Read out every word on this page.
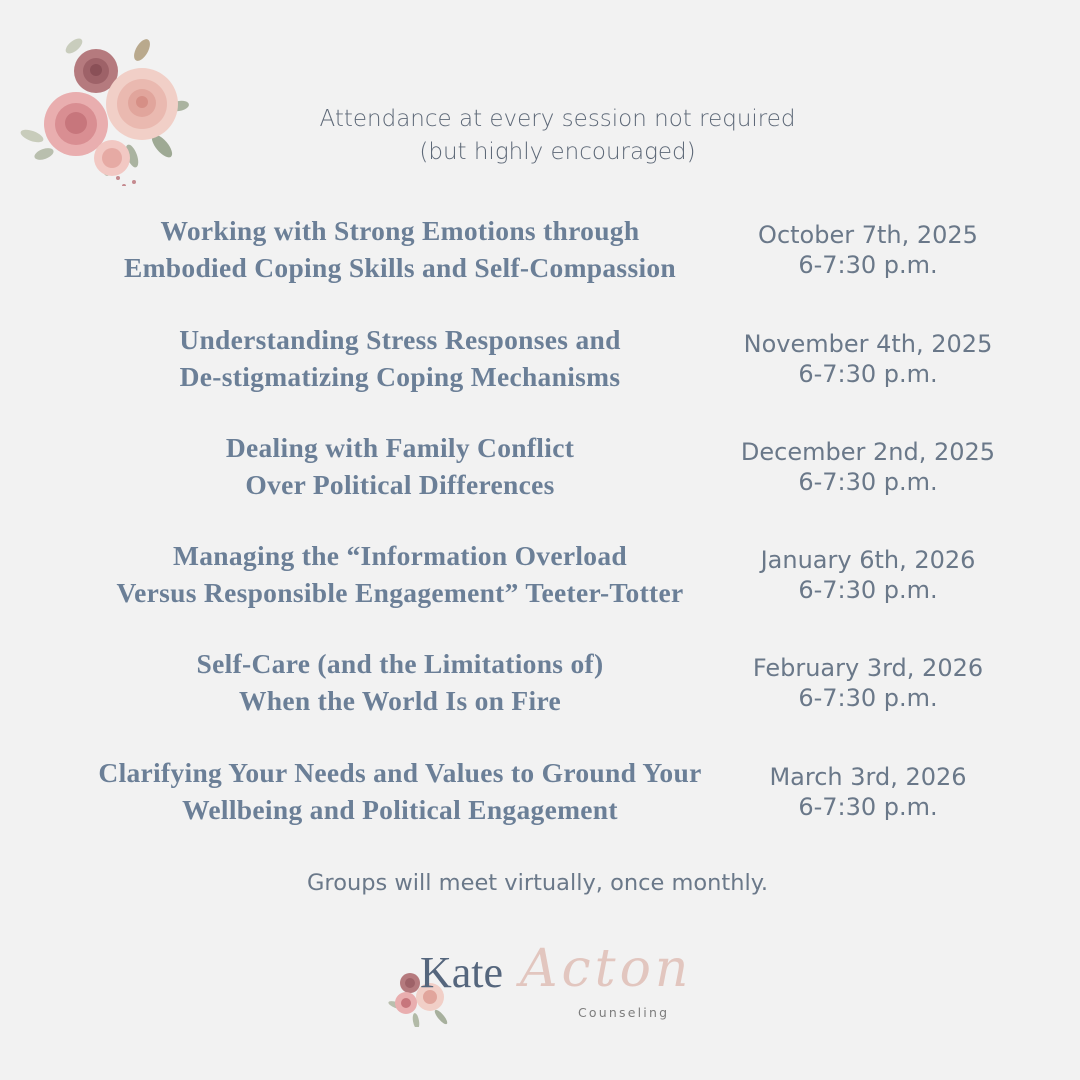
Attendance at every session not required
(but highly encouraged)
Working with Strong Emotions through
Embodied Coping Skills and Self-Compassion
October 7th, 2025
6-7:30 p.m.
Understanding Stress Responses and
De-stigmatizing Coping Mechanisms
November 4th, 2025
6-7:30 p.m.
Dealing with Family Conflict
Over Political Differences
December 2nd, 2025
6-7:30 p.m.
Managing the “Information Overload
Versus Responsible Engagement” Teeter-Totter
January 6th, 2026
6-7:30 p.m.
Self-Care (and the Limitations of)
When the World Is on Fire
February 3rd, 2026
6-7:30 p.m.
Clarifying Your Needs and Values to Ground Your
Wellbeing and Political Engagement
March 3rd, 2026
6-7:30 p.m.
Groups will meet virtually, once monthly.
Acton
Kate
Counseling
